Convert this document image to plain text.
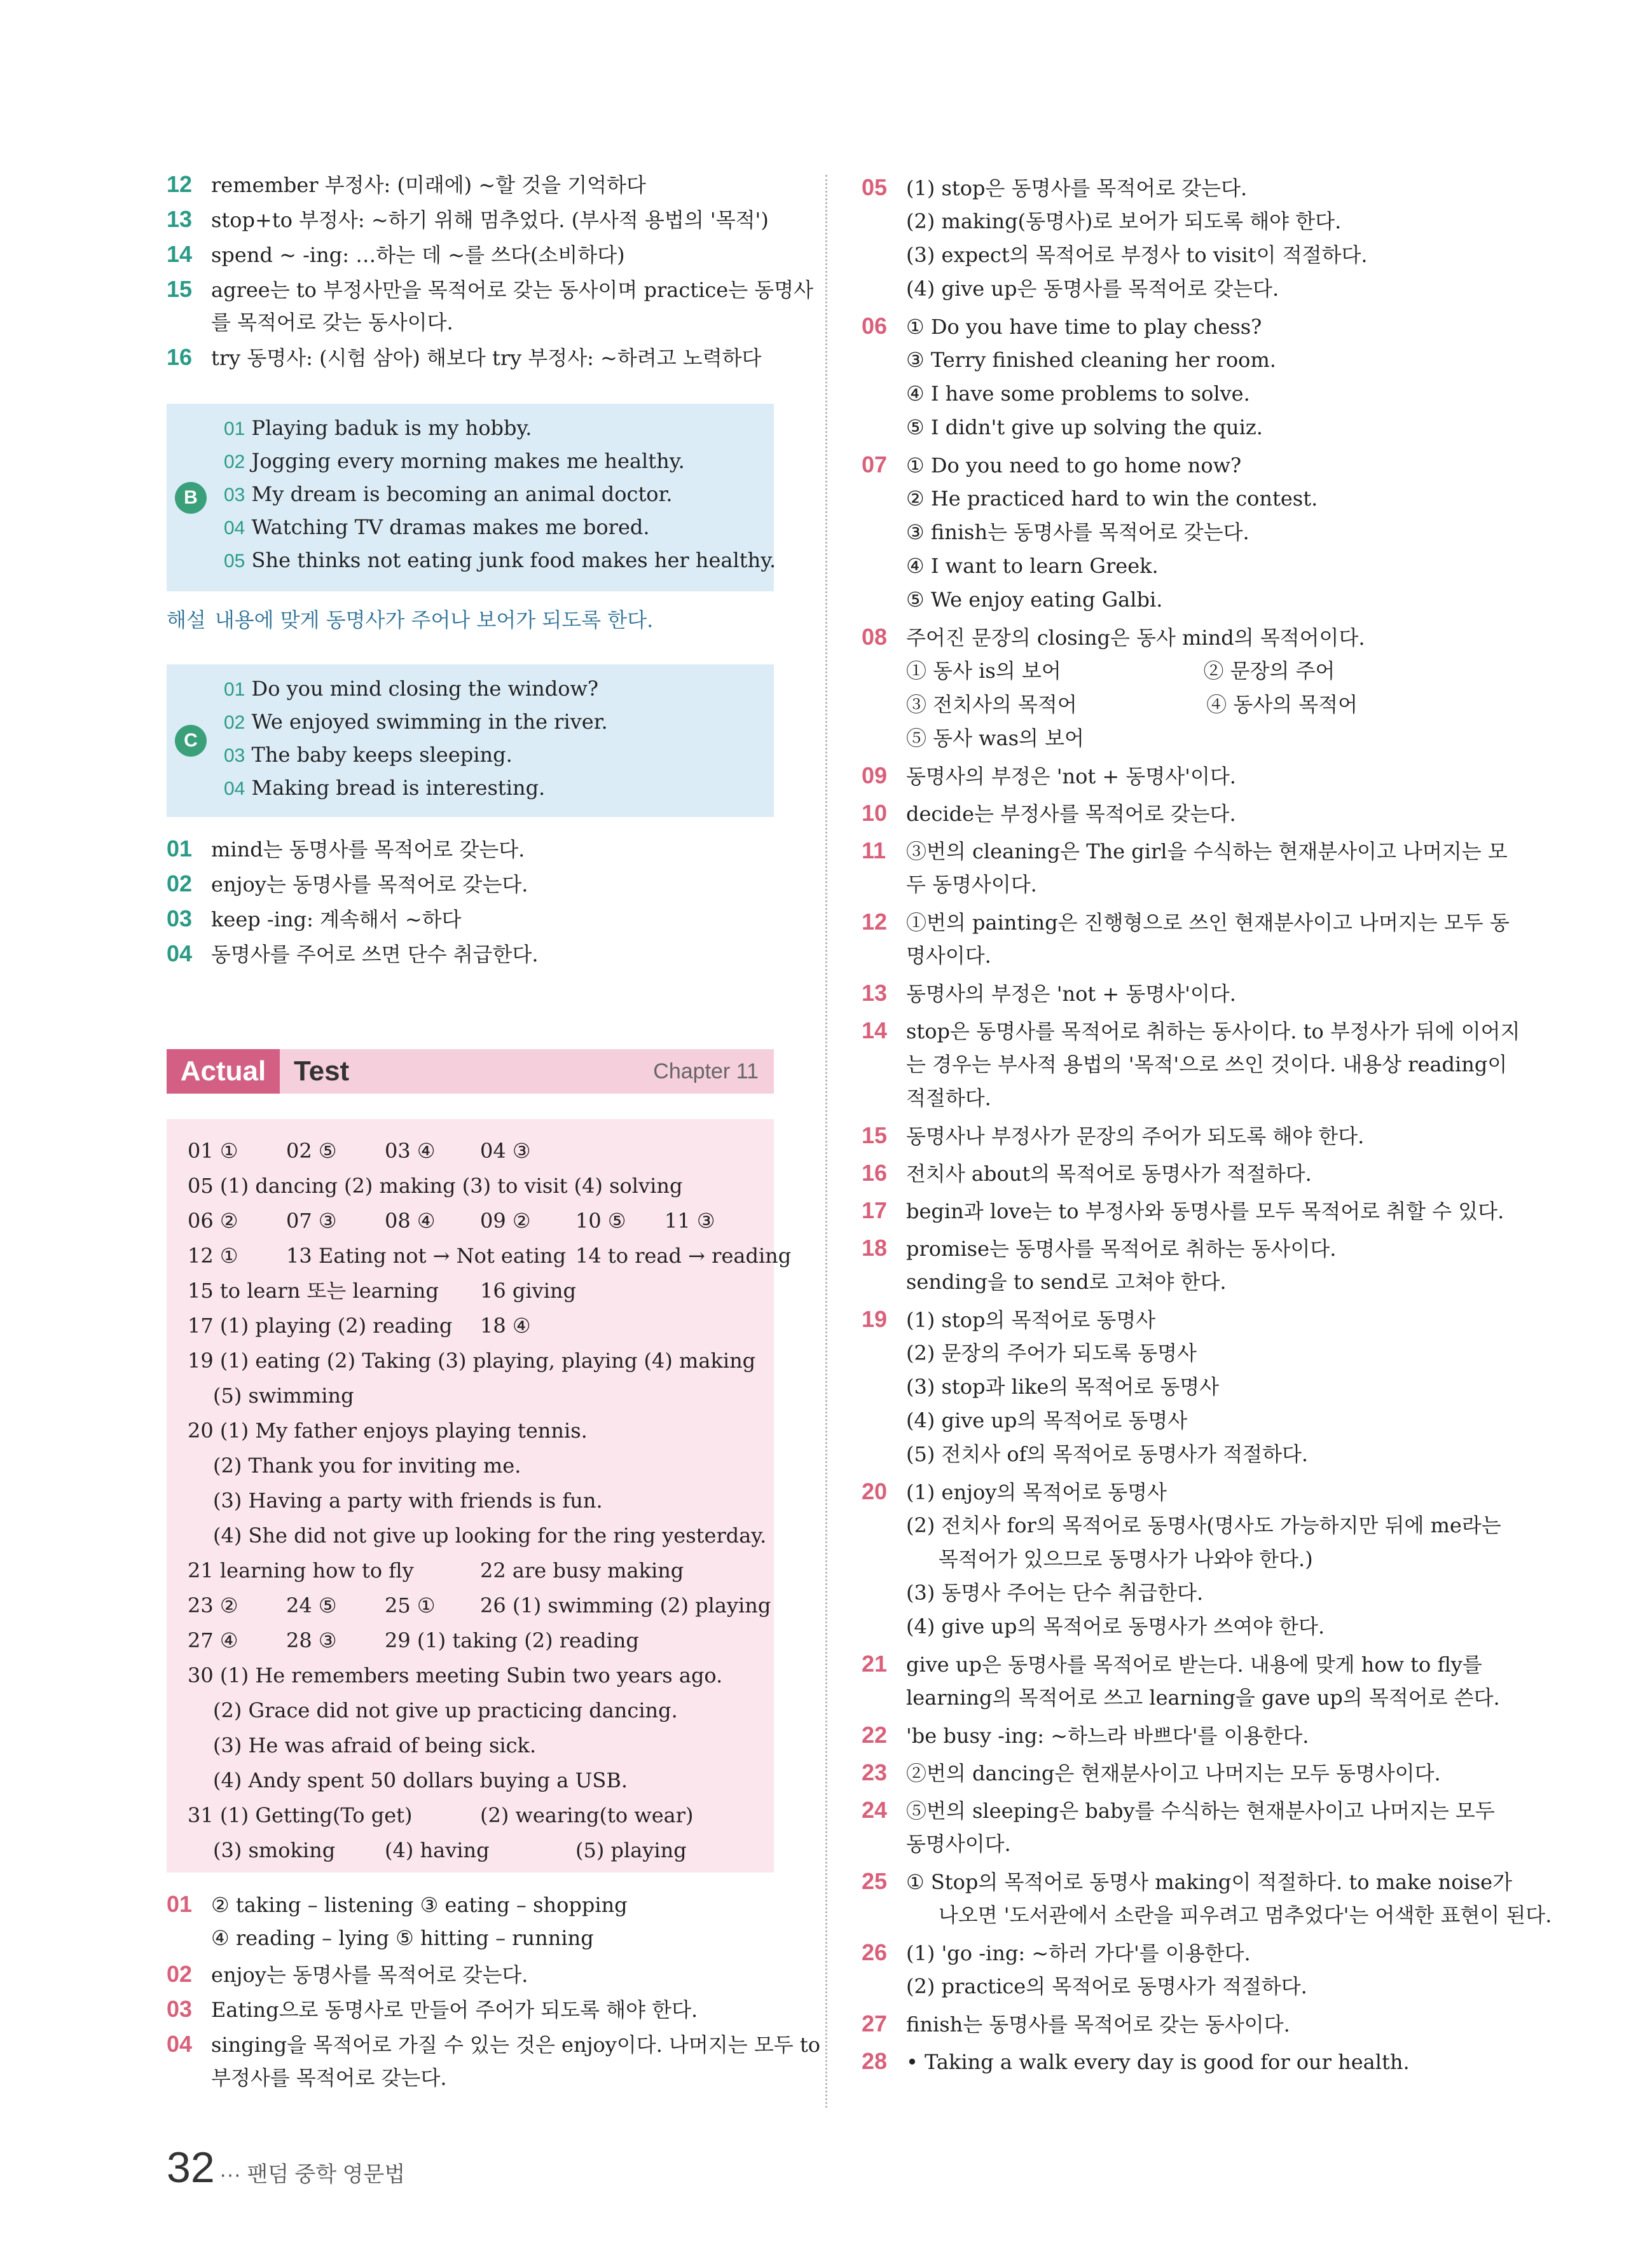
12 remember 부정사: (미래에) ~할 것을 기억하다
13 stop+to 부정사: ~하기 위해 멈추었다. (부사적 용법의 '목적')
14 spend ~ -ing: …하는 데 ~를 쓰다(소비하다)
15 agree는 to 부정사만을 목적어로 갖는 동사이며 practice는 동명사
를 목적어로 갖는 동사이다.
16 try 동명사: (시험 삼아) 해보다 try 부정사: ~하려고 노력하다
B
01 Playing baduk is my hobby.
02 Jogging every morning makes me healthy.
03 My dream is becoming an animal doctor.
04 Watching TV dramas makes me bored.
05 She thinks not eating junk food makes her healthy.
해설 내용에 맞게 동명사가 주어나 보어가 되도록 한다.
C
01 Do you mind closing the window?
02 We enjoyed swimming in the river.
03 The baby keeps sleeping.
04 Making bread is interesting.
01 mind는 동명사를 목적어로 갖는다.
02 enjoy는 동명사를 목적어로 갖는다.
03 keep -ing: 계속해서 ~하다
04 동명사를 주어로 쓰면 단수 취급한다.
Actual Test	Chapter 11
01 ① 02 ⑤ 03 ④ 04 ③
05 (1) dancing (2) making (3) to visit (4) solving
06 ② 07 ③ 08 ④ 09 ② 10 ⑤ 11 ③
12 ① 13 Eating not → Not eating 14 to read → reading
15 to learn 또는 learning 16 giving
17 (1) playing (2) reading 18 ④
19 (1) eating (2) Taking (3) playing, playing (4) making
(5) swimming
20 (1) My father enjoys playing tennis.
(2) Thank you for inviting me.
(3) Having a party with friends is fun.
(4) She did not give up looking for the ring yesterday.
21 learning how to fly	22 are busy making
23 ② 24 ⑤ 25 ① 26 (1) swimming (2) playing
27 ④ 28 ③ 29 (1) taking (2) reading
30 (1) He remembers meeting Subin two years ago.
(2) Grace did not give up practicing dancing.
(3) He was afraid of being sick.
(4) Andy spent 50 dollars buying a USB.
31 (1) Getting(To get)	(2) wearing(to wear)
(3) smoking (4) having	(5) playing
01 ② taking – listening ③ eating – shopping
④ reading – lying ⑤ hitting – running
02 enjoy는 동명사를 목적어로 갖는다.
03 Eating으로 동명사로 만들어 주어가 되도록 해야 한다.
04 singing을 목적어로 가질 수 있는 것은 enjoy이다. 나머지는 모두 to
부정사를 목적어로 갖는다.
05 (1) stop은 동명사를 목적어로 갖는다.
(2) making(동명사)로 보어가 되도록 해야 한다.
(3) expect의 목적어로 부정사 to visit이 적절하다.
(4) give up은 동명사를 목적어로 갖는다.
06 ① Do you have time to play chess?
③ Terry finished cleaning her room.
④ I have some problems to solve.
⑤ I didn't give up solving the quiz.
07 ① Do you need to go home now?
② He practiced hard to win the contest.
③ finish는 동명사를 목적어로 갖는다.
④ I want to learn Greek.
⑤ We enjoy eating Galbi.
08 주어진 문장의 closing은 동사 mind의 목적어이다.
① 동사 is의 보어                      ② 문장의 주어
③ 전치사의 목적어                    ④ 동사의 목적어
⑤ 동사 was의 보어
09 동명사의 부정은 'not + 동명사'이다.
10 decide는 부정사를 목적어로 갖는다.
11 ③번의 cleaning은 The girl을 수식하는 현재분사이고 나머지는 모
두 동명사이다.
12 ①번의 painting은 진행형으로 쓰인 현재분사이고 나머지는 모두 동
명사이다.
13 동명사의 부정은 'not + 동명사'이다.
14 stop은 동명사를 목적어로 취하는 동사이다. to 부정사가 뒤에 이어지
는 경우는 부사적 용법의 '목적'으로 쓰인 것이다. 내용상 reading이
적절하다.
15 동명사나 부정사가 문장의 주어가 되도록 해야 한다.
16 전치사 about의 목적어로 동명사가 적절하다.
17 begin과 love는 to 부정사와 동명사를 모두 목적어로 취할 수 있다.
18 promise는 동명사를 목적어로 취하는 동사이다.
sending을 to send로 고쳐야 한다.
19 (1) stop의 목적어로 동명사
(2) 문장의 주어가 되도록 동명사
(3) stop과 like의 목적어로 동명사
(4) give up의 목적어로 동명사
(5) 전치사 of의 목적어로 동명사가 적절하다.
20 (1) enjoy의 목적어로 동명사
(2) 전치사 for의 목적어로 동명사(명사도 가능하지만 뒤에 me라는
목적어가 있으므로 동명사가 나와야 한다.)
(3) 동명사 주어는 단수 취급한다.
(4) give up의 목적어로 동명사가 쓰여야 한다.
21 give up은 동명사를 목적어로 받는다. 내용에 맞게 how to fly를
learning의 목적어로 쓰고 learning을 gave up의 목적어로 쓴다.
22 'be busy -ing: ~하느라 바쁘다'를 이용한다.
23 ②번의 dancing은 현재분사이고 나머지는 모두 동명사이다.
24 ⑤번의 sleeping은 baby를 수식하는 현재분사이고 나머지는 모두
동명사이다.
25 ① Stop의 목적어로 동명사 making이 적절하다. to make noise가
나오면 '도서관에서 소란을 피우려고 멈추었다'는 어색한 표현이 된다.
26 (1) 'go -ing: ~하러 가다'를 이용한다.
(2) practice의 목적어로 동명사가 적절하다.
27 finish는 동명사를 목적어로 갖는 동사이다.
28 • Taking a walk every day is good for our health.
32 ··· 팬덤 중학 영문법
